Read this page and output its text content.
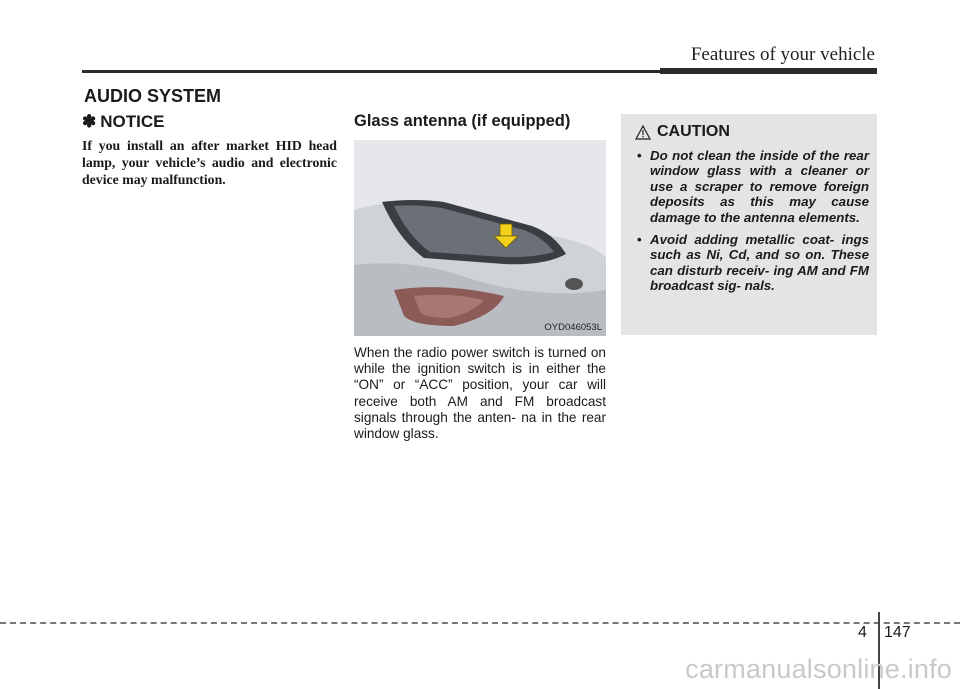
Features of your vehicle
AUDIO SYSTEM
✽ NOTICE
If you install an after market HID head lamp, your vehicle’s audio and electronic device may malfunction.
Glass antenna (if equipped)
OYD046053L
When the radio power switch is turned on while the ignition switch is in either the “ON” or “ACC” position, your car will receive both AM and FM broadcast signals through the anten- na in the rear window glass.
CAUTION
• Do not clean the inside of the rear window glass with a cleaner or use a scraper to remove foreign deposits as this may cause damage to the antenna elements.
• Avoid adding metallic coat- ings such as Ni, Cd, and so on. These can disturb receiv- ing AM and FM broadcast sig- nals.
4 147
carmanualsonline.info
